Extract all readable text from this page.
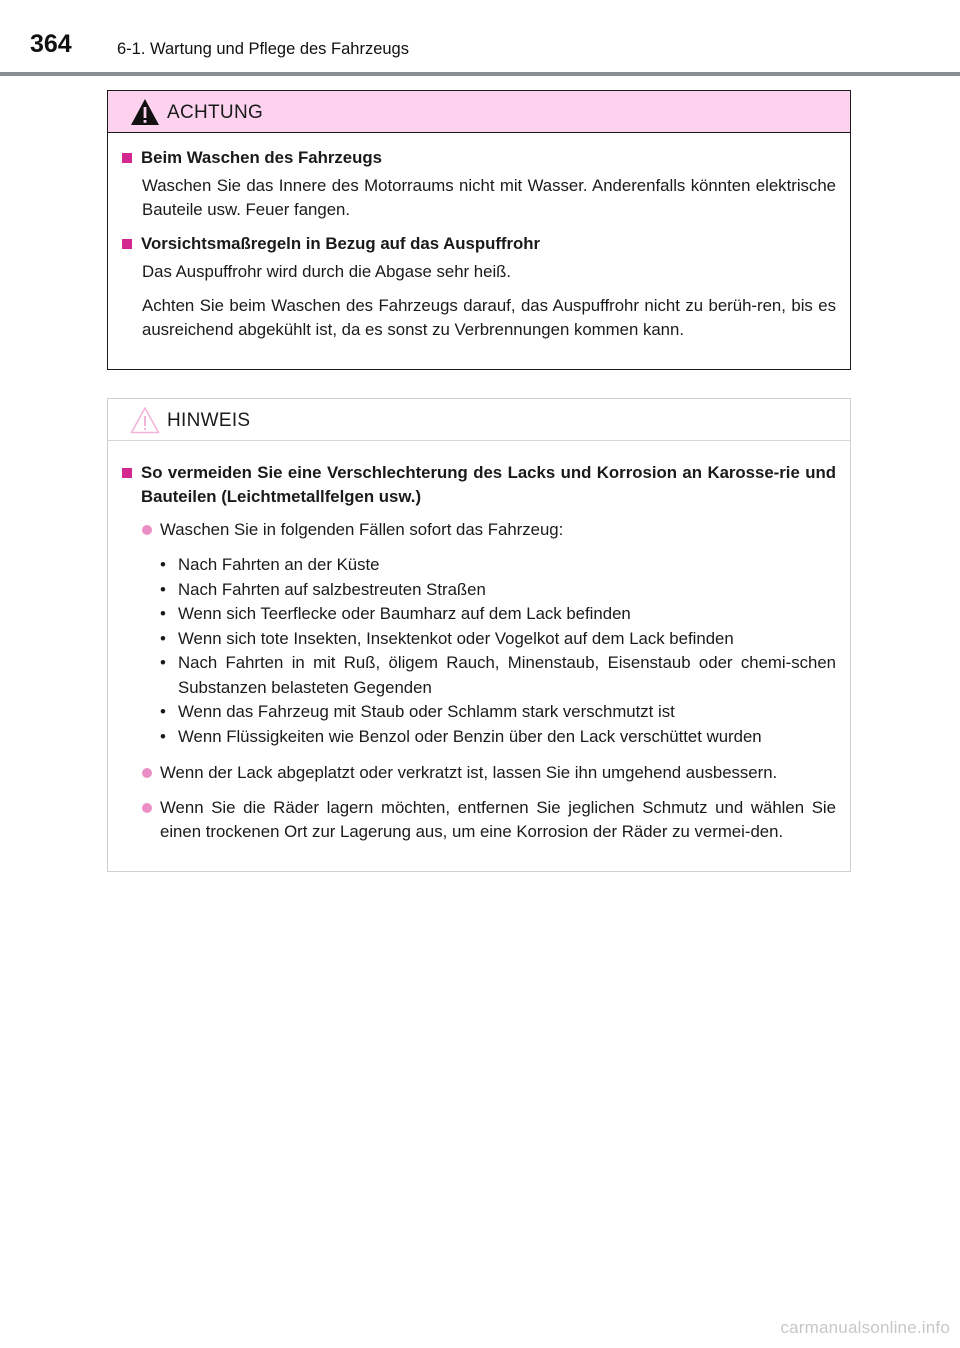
364	6-1. Wartung und Pflege des Fahrzeugs
ACHTUNG
Beim Waschen des Fahrzeugs

Waschen Sie das Innere des Motorraums nicht mit Wasser. Anderenfalls könnten elektrische Bauteile usw. Feuer fangen.

Vorsichtsmaßregeln in Bezug auf das Auspuffrohr

Das Auspuffrohr wird durch die Abgase sehr heiß.

Achten Sie beim Waschen des Fahrzeugs darauf, das Auspuffrohr nicht zu berüh-ren, bis es ausreichend abgekühlt ist, da es sonst zu Verbrennungen kommen kann.

HINWEIS
So vermeiden Sie eine Verschlechterung des Lacks und Korrosion an Karosse-rie und Bauteilen (Leichtmetallfelgen usw.)
Waschen Sie in folgenden Fällen sofort das Fahrzeug:
• Nach Fahrten an der Küste
• Nach Fahrten auf salzbestreuten Straßen
• Wenn sich Teerflecke oder Baumharz auf dem Lack befinden
• Wenn sich tote Insekten, Insektenkot oder Vogelkot auf dem Lack befinden
• Nach Fahrten in mit Ruß, öligem Rauch, Minenstaub, Eisenstaub oder chemi-schen Substanzen belasteten Gegenden
• Wenn das Fahrzeug mit Staub oder Schlamm stark verschmutzt ist
• Wenn Flüssigkeiten wie Benzol oder Benzin über den Lack verschüttet wurden
Wenn der Lack abgeplatzt oder verkratzt ist, lassen Sie ihn umgehend ausbessern.
Wenn Sie die Räder lagern möchten, entfernen Sie jeglichen Schmutz und wählen Sie einen trockenen Ort zur Lagerung aus, um eine Korrosion der Räder zu vermei-den.
carmanualsonline.info
